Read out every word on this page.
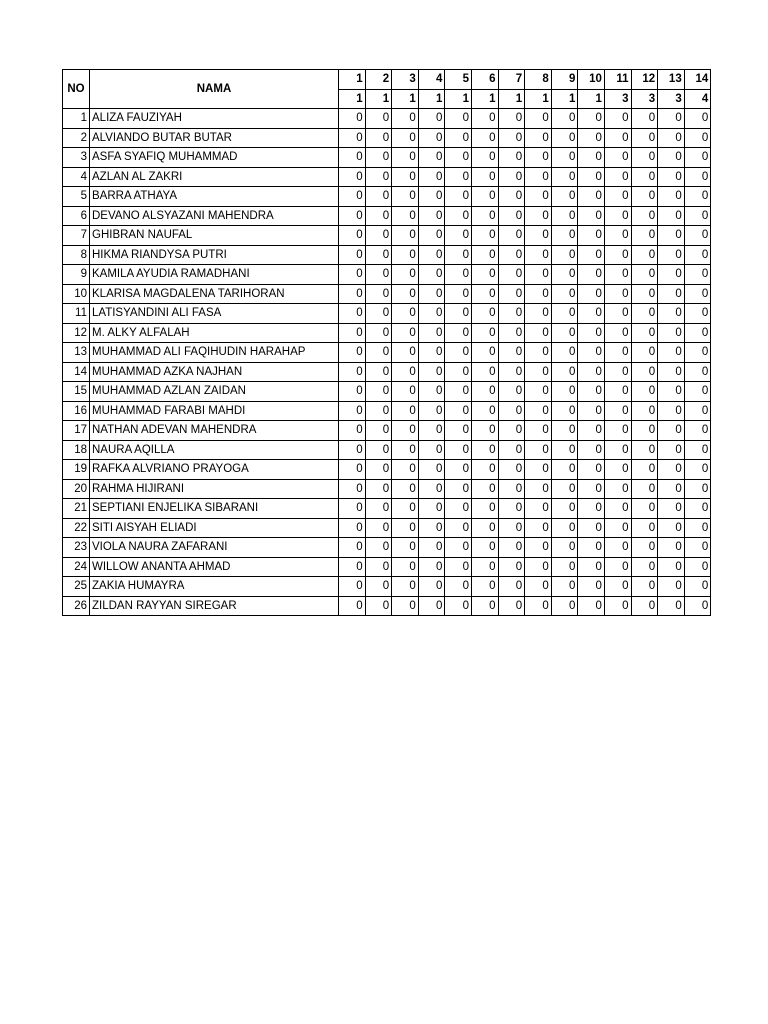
NO	NAMA	1	2	3	4	5	6	7	8	9	10	11	12	13	14
		1	1	1	1	1	1	1	1	1	1	3	3	3	4
1	ALIZA FAUZIYAH	0	0	0	0	0	0	0	0	0	0	0	0	0	0
2	ALVIANDO BUTAR BUTAR	0	0	0	0	0	0	0	0	0	0	0	0	0	0
3	ASFA SYAFIQ MUHAMMAD	0	0	0	0	0	0	0	0	0	0	0	0	0	0
4	AZLAN AL ZAKRI	0	0	0	0	0	0	0	0	0	0	0	0	0	0
5	BARRA ATHAYA	0	0	0	0	0	0	0	0	0	0	0	0	0	0
6	DEVANO ALSYAZANI MAHENDRA	0	0	0	0	0	0	0	0	0	0	0	0	0	0
7	GHIBRAN NAUFAL	0	0	0	0	0	0	0	0	0	0	0	0	0	0
8	HIKMA RIANDYSA PUTRI	0	0	0	0	0	0	0	0	0	0	0	0	0	0
9	KAMILA AYUDIA RAMADHANI	0	0	0	0	0	0	0	0	0	0	0	0	0	0
10	KLARISA MAGDALENA TARIHORAN	0	0	0	0	0	0	0	0	0	0	0	0	0	0
11	LATISYANDINI ALI FASA	0	0	0	0	0	0	0	0	0	0	0	0	0	0
12	M. ALKY ALFALAH	0	0	0	0	0	0	0	0	0	0	0	0	0	0
13	MUHAMMAD ALI FAQIHUDIN HARAHAP	0	0	0	0	0	0	0	0	0	0	0	0	0	0
14	MUHAMMAD AZKA NAJHAN	0	0	0	0	0	0	0	0	0	0	0	0	0	0
15	MUHAMMAD AZLAN ZAIDAN	0	0	0	0	0	0	0	0	0	0	0	0	0	0
16	MUHAMMAD FARABI MAHDI	0	0	0	0	0	0	0	0	0	0	0	0	0	0
17	NATHAN ADEVAN MAHENDRA	0	0	0	0	0	0	0	0	0	0	0	0	0	0
18	NAURA AQILLA	0	0	0	0	0	0	0	0	0	0	0	0	0	0
19	RAFKA ALVRIANO PRAYOGA	0	0	0	0	0	0	0	0	0	0	0	0	0	0
20	RAHMA HIJIRANI	0	0	0	0	0	0	0	0	0	0	0	0	0	0
21	SEPTIANI ENJELIKA SIBARANI	0	0	0	0	0	0	0	0	0	0	0	0	0	0
22	SITI AISYAH ELIADI	0	0	0	0	0	0	0	0	0	0	0	0	0	0
23	VIOLA NAURA ZAFARANI	0	0	0	0	0	0	0	0	0	0	0	0	0	0
24	WILLOW ANANTA AHMAD	0	0	0	0	0	0	0	0	0	0	0	0	0	0
25	ZAKIA HUMAYRA	0	0	0	0	0	0	0	0	0	0	0	0	0	0
26	ZILDAN RAYYAN SIREGAR	0	0	0	0	0	0	0	0	0	0	0	0	0	0
